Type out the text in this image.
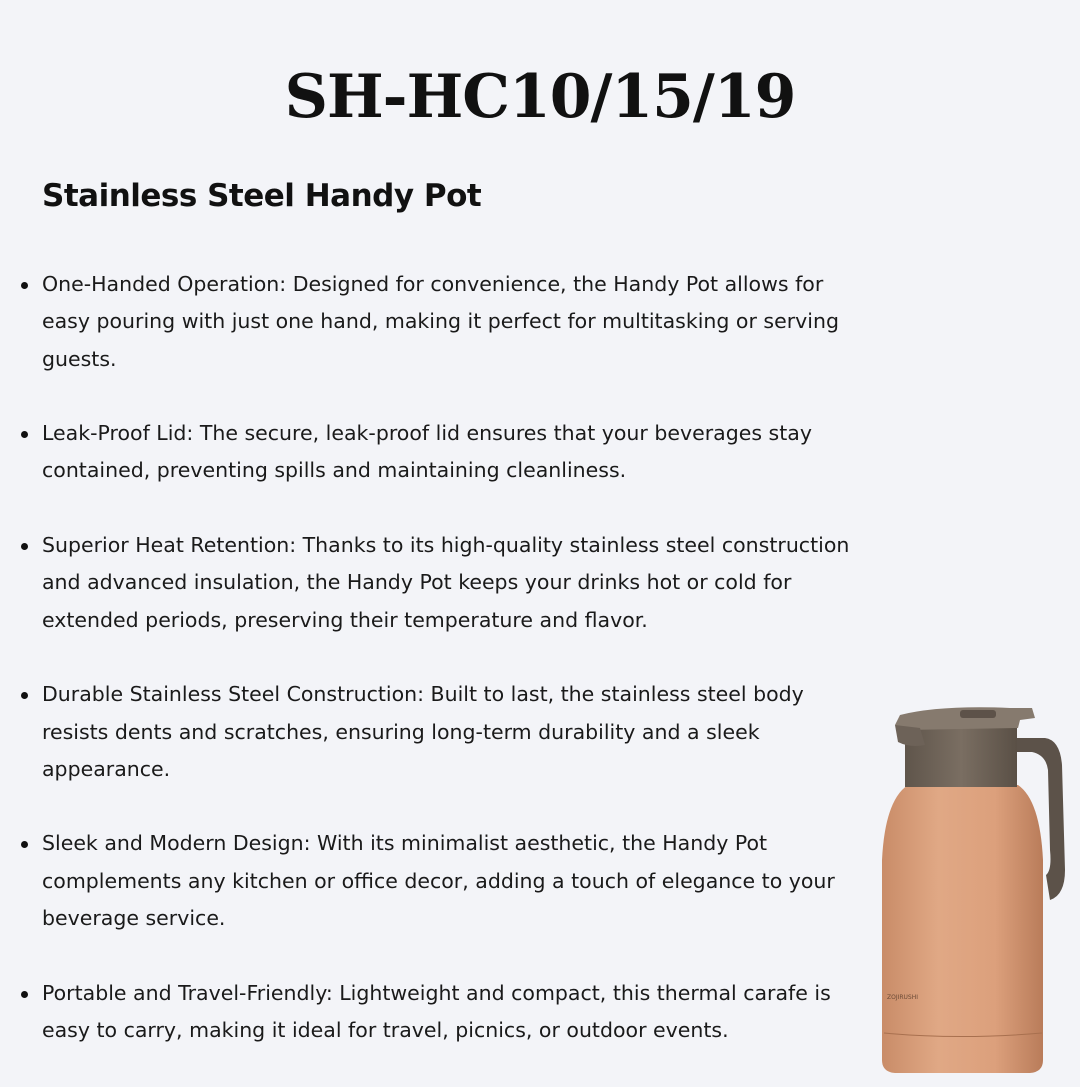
SH-HC10/15/19
Stainless Steel Handy Pot
One-Handed Operation: Designed for convenience, the Handy Pot allows for easy pouring with just one hand, making it perfect for multitasking or serving guests.
Leak-Proof Lid: The secure, leak-proof lid ensures that your beverages stay contained, preventing spills and maintaining cleanliness.
Superior Heat Retention: Thanks to its high-quality stainless steel construction and advanced insulation, the Handy Pot keeps your drinks hot or cold for extended periods, preserving their temperature and flavor.
Durable Stainless Steel Construction: Built to last, the stainless steel body resists dents and scratches, ensuring long-term durability and a sleek appearance.
Sleek and Modern Design: With its minimalist aesthetic, the Handy Pot complements any kitchen or office decor, adding a touch of elegance to your beverage service.
Portable and Travel-Friendly: Lightweight and compact, this thermal carafe is easy to carry, making it ideal for travel, picnics, or outdoor events.
ZOJIRUSHI
